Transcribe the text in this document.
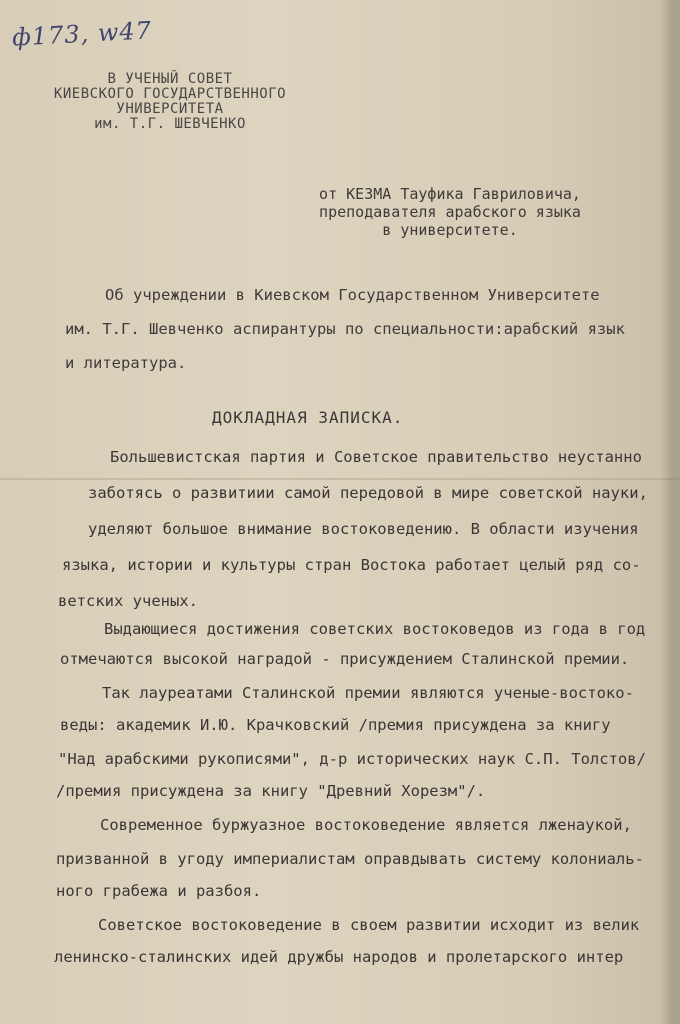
ф173, w47
В УЧЕНЫЙ СОВЕТ
КИЕВСКОГО ГОСУДАРСТВЕННОГО
УНИВЕРСИТЕТА
им. Т.Г. ШЕВЧЕНКО
от КЕЗМА Тауфика Гавриловича,
преподавателя арабского языка
в университете.
Об учреждении в Киевском Государственном Университете
им. Т.Г. Шевченко аспирантуры по специальности:арабский язык
и литература.
ДОКЛАДНАЯ ЗАПИСКА.
Большевистская партия и Советское правительство неустанно
заботясь о развитиии самой передовой в мире советской науки,
уделяют большое внимание востоковедению. В области изучения
языка, истории и культуры стран Востока работает целый ряд со-
ветских ученых.
Выдающиеся достижения советских востоковедов из года в год
отмечаются высокой наградой - присуждением Сталинской премии.
Так лауреатами Сталинской премии являются ученые-востоко-
веды: академик И.Ю. Крачковский /премия присуждена за книгу
"Над арабскими рукописями", д-р исторических наук С.П. Толстов/
/премия присуждена за книгу "Древний Хорезм"/.
Современное буржуазное востоковедение является лженаукой,
призванной в угоду империалистам оправдывать систему колониаль-
ного грабежа и разбоя.
Советское востоковедение в своем развитии исходит из велик
ленинско-сталинских идей дружбы народов и пролетарского интер
